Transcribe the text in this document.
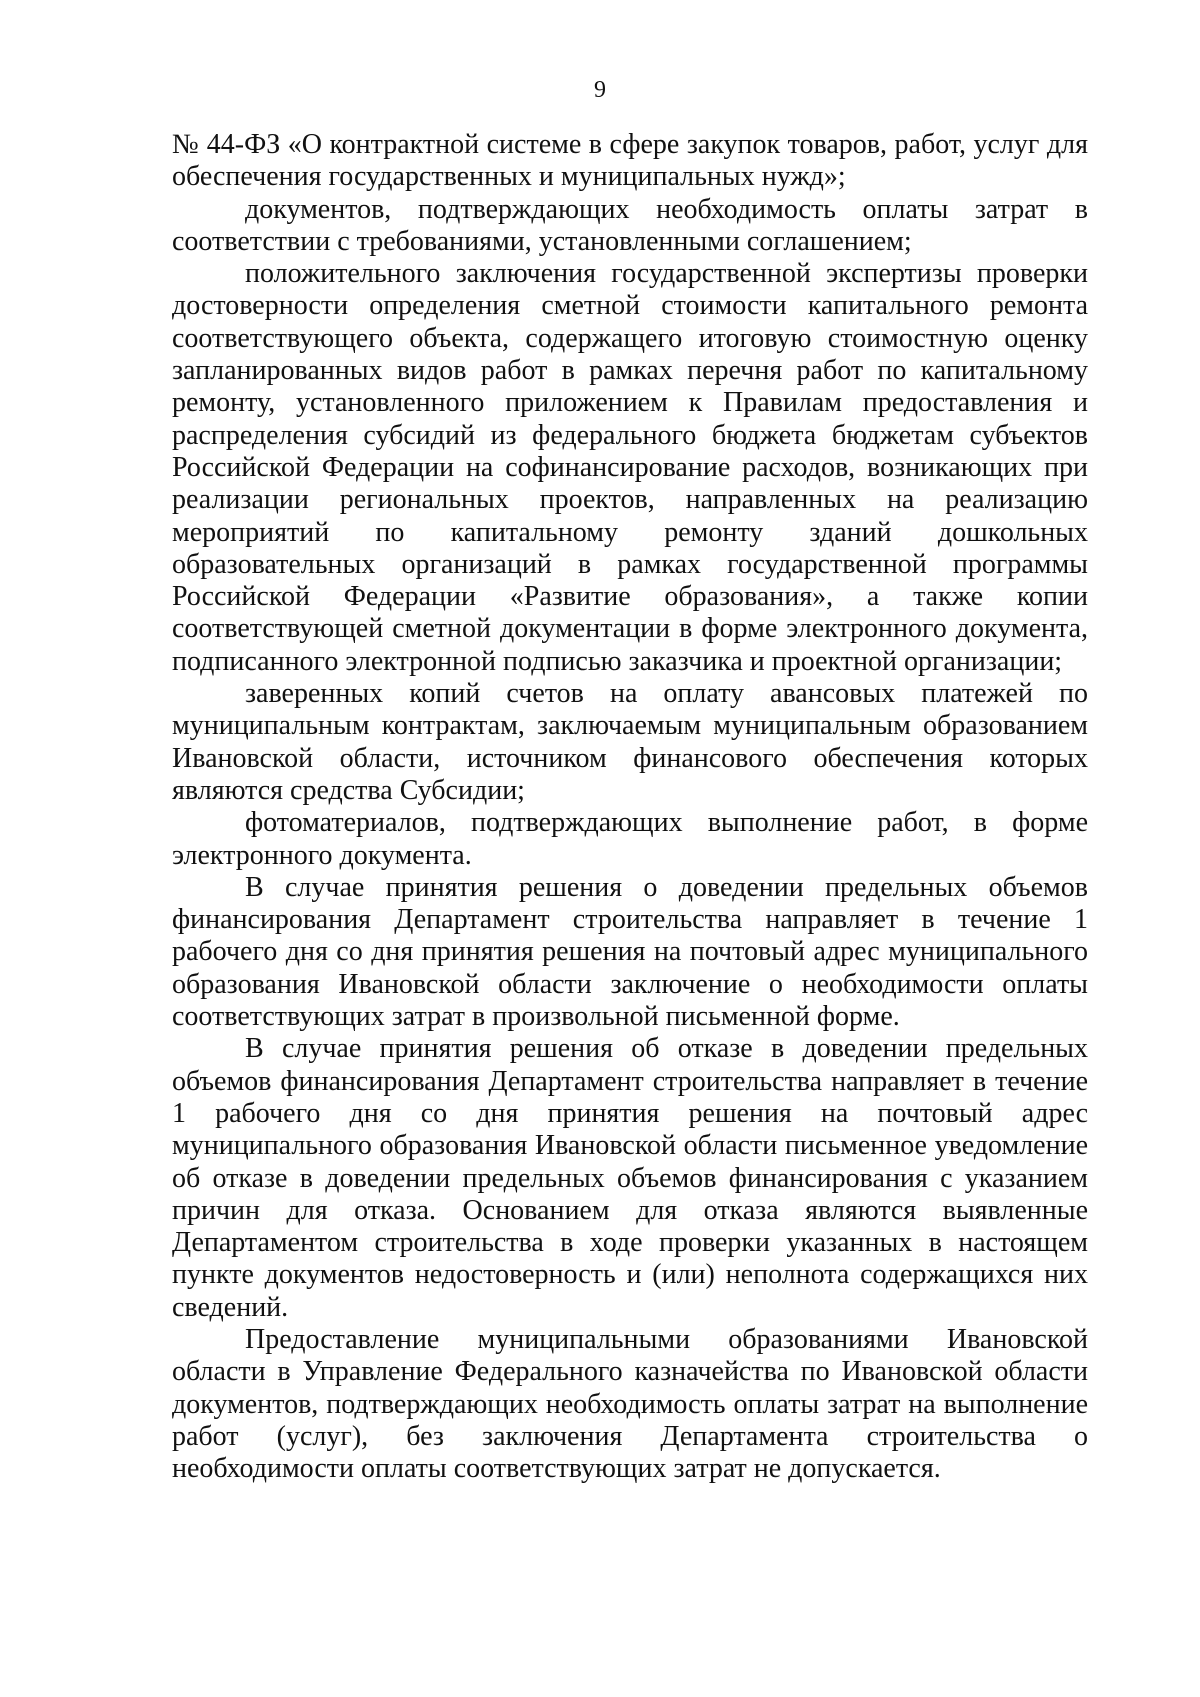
9

№ 44-ФЗ «О контрактной системе в сфере закупок товаров, работ, услуг для обеспечения государственных и муниципальных нужд»;

документов, подтверждающих необходимость оплаты затрат в соответствии с требованиями, установленными соглашением;

положительного заключения государственной экспертизы проверки достоверности определения сметной стоимости капитального ремонта соответствующего объекта, содержащего итоговую стоимостную оценку запланированных видов работ в рамках перечня работ по капитальному ремонту, установленного приложением к Правилам предоставления и распределения субсидий из федерального бюджета бюджетам субъектов Российской Федерации на софинансирование расходов, возникающих при реализации региональных проектов, направленных на реализацию мероприятий по капитальному ремонту зданий дошкольных образовательных организаций в рамках государственной программы Российской Федерации «Развитие образования», а также копии соответствующей сметной документации в форме электронного документа, подписанного электронной подписью заказчика и проектной организации;

заверенных копий счетов на оплату авансовых платежей по муниципальным контрактам, заключаемым муниципальным образованием Ивановской области, источником финансового обеспечения которых являются средства Субсидии;

фотоматериалов, подтверждающих выполнение работ, в форме электронного документа.

В случае принятия решения о доведении предельных объемов финансирования Департамент строительства направляет в течение 1 рабочего дня со дня принятия решения на почтовый адрес муниципального образования Ивановской области заключение о необходимости оплаты соответствующих затрат в произвольной письменной форме.

В случае принятия решения об отказе в доведении предельных объемов финансирования Департамент строительства направляет в течение 1 рабочего дня со дня принятия решения на почтовый адрес муниципального образования Ивановской области письменное уведомление об отказе в доведении предельных объемов финансирования с указанием причин для отказа. Основанием для отказа являются выявленные Департаментом строительства в ходе проверки указанных в настоящем пункте документов недостоверность и (или) неполнота содержащихся них сведений.

Предоставление муниципальными образованиями Ивановской области в Управление Федерального казначейства по Ивановской области документов, подтверждающих необходимость оплаты затрат на выполнение работ (услуг), без заключения Департамента строительства о необходимости оплаты соответствующих затрат не допускается.
